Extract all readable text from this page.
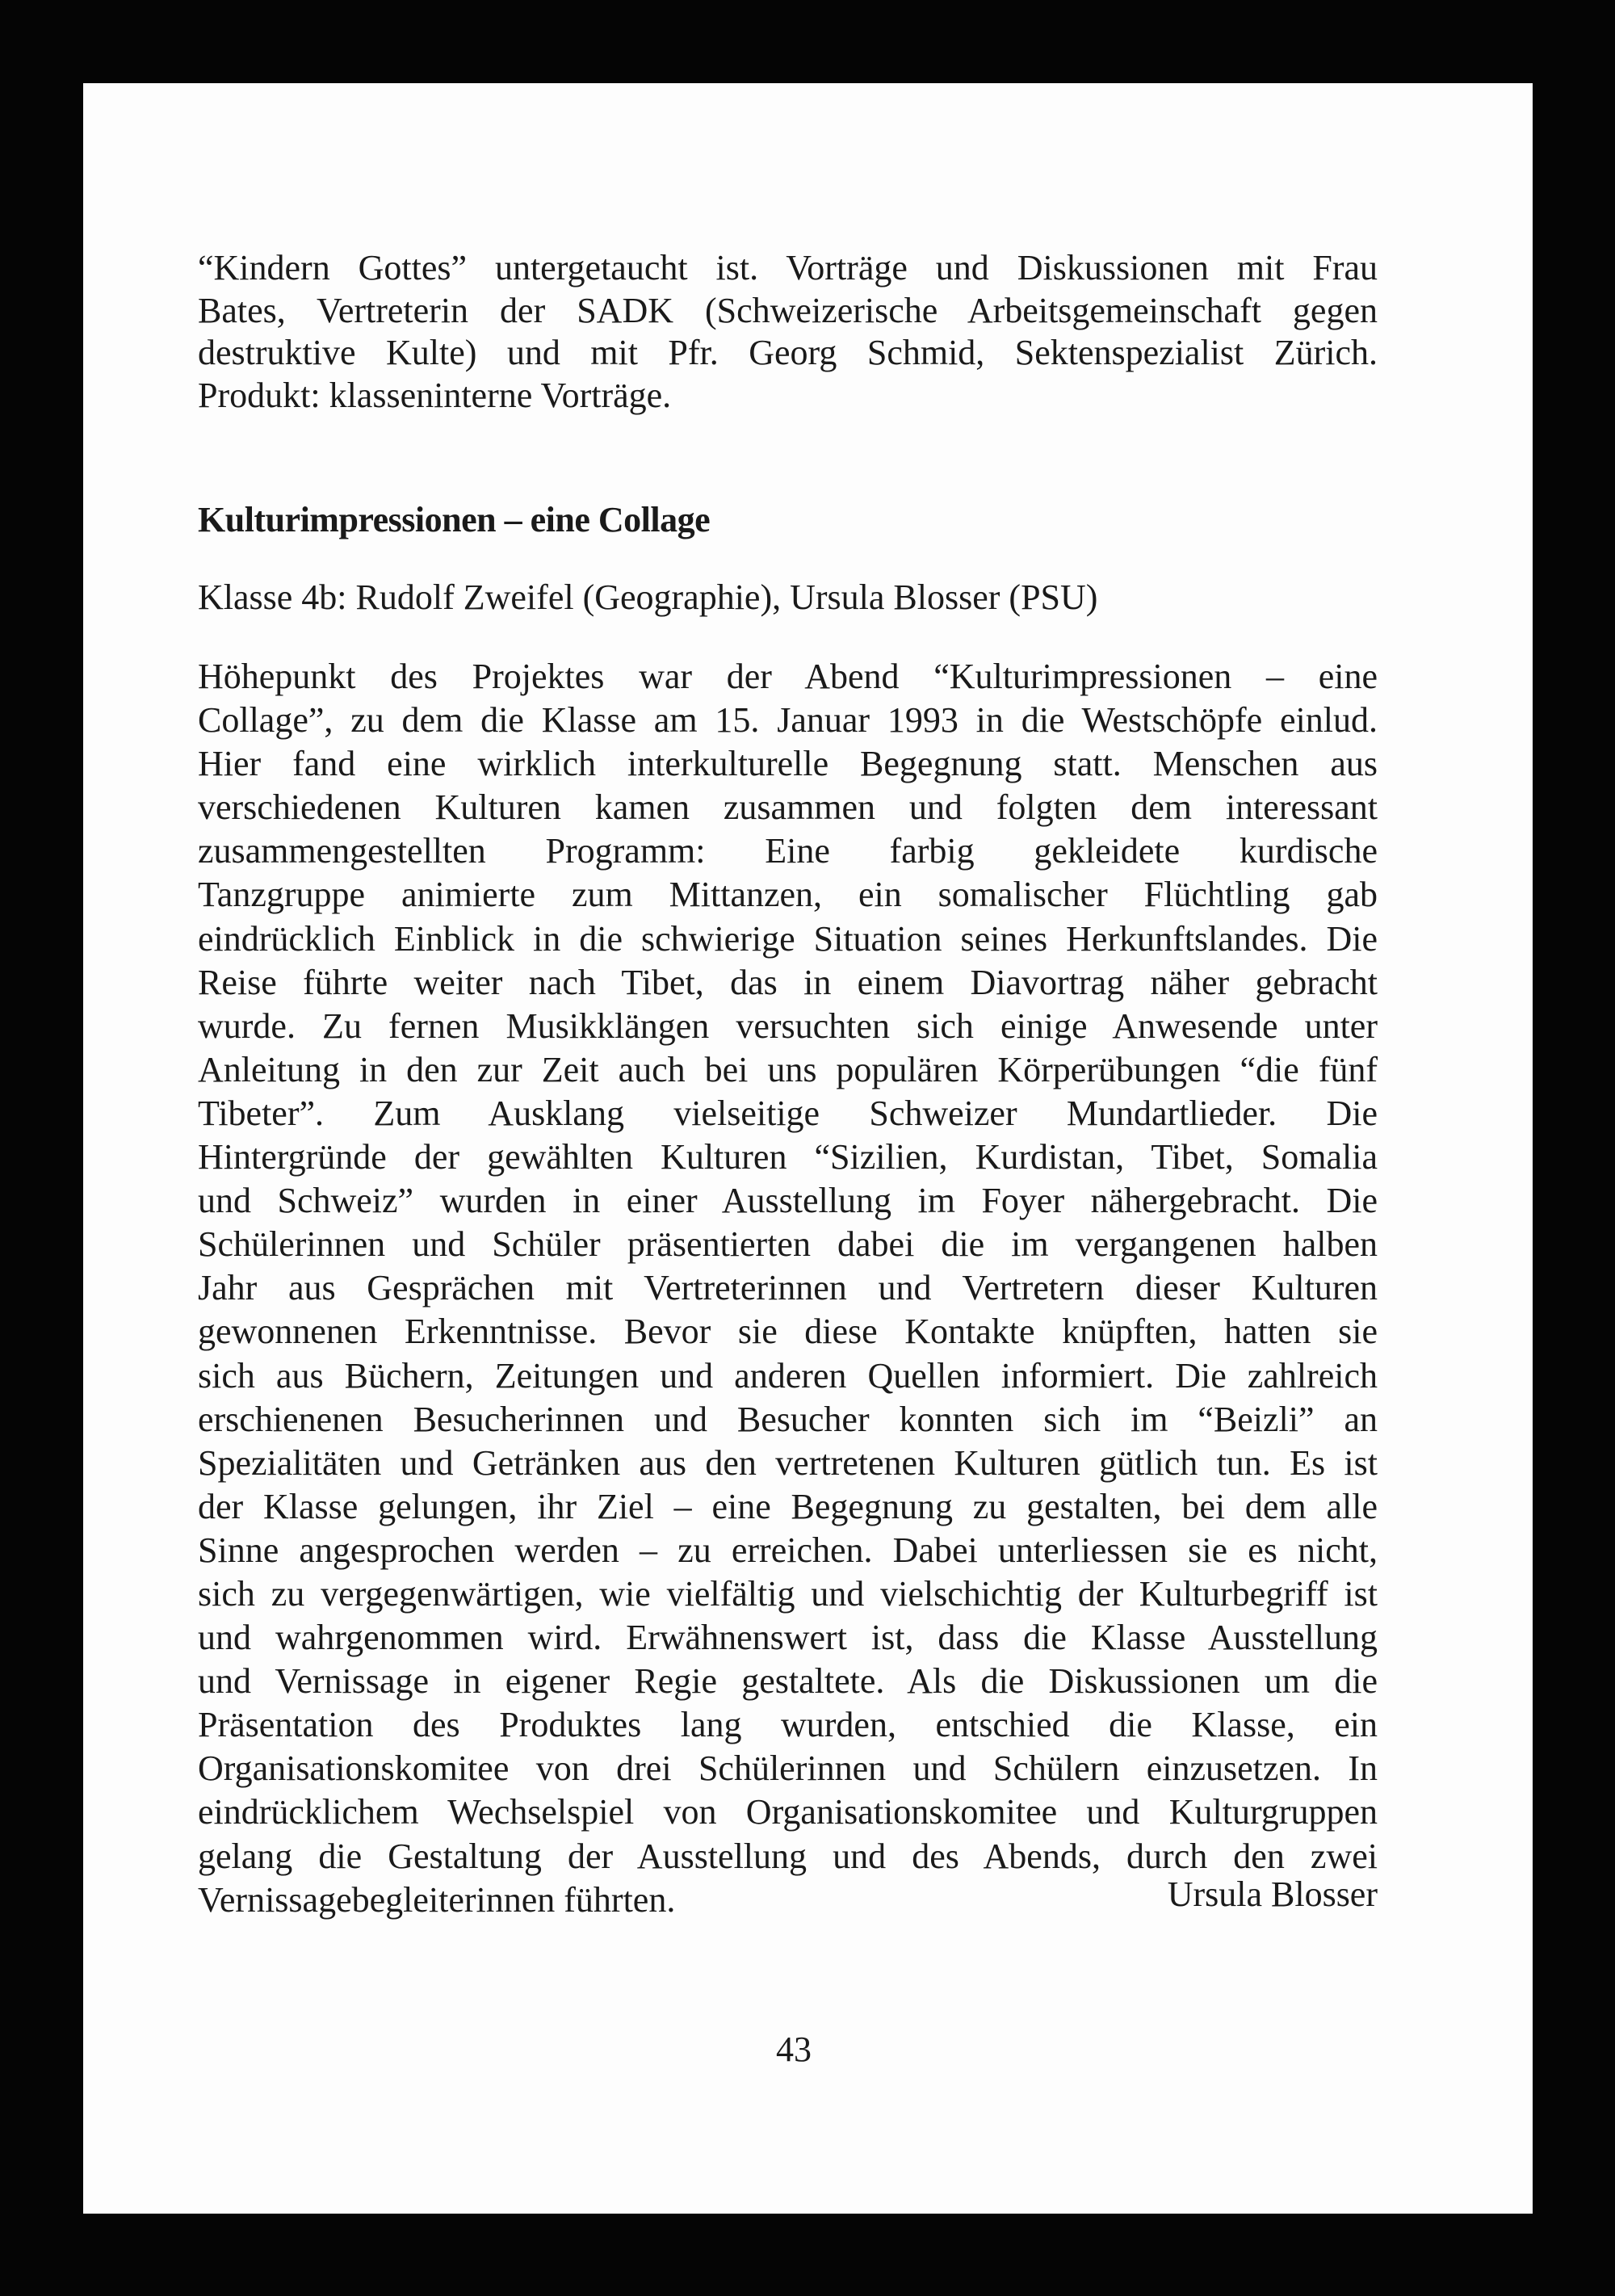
“Kindern Gottes” untergetaucht ist. Vorträge und Diskussionen mit Frau
Bates, Vertreterin der SADK (Schweizerische Arbeitsgemeinschaft gegen
destruktive Kulte) und mit Pfr. Georg Schmid, Sektenspezialist Zürich.
Produkt: klasseninterne Vorträge.
Kulturimpressionen – eine Collage
Klasse 4b: Rudolf Zweifel (Geographie), Ursula Blosser (PSU)
Höhepunkt des Projektes war der Abend “Kulturimpressionen – eine
Collage”, zu dem die Klasse am 15. Januar 1993 in die Westschöpfe einlud.
Hier fand eine wirklich interkulturelle Begegnung statt. Menschen aus
verschiedenen Kulturen kamen zusammen und folgten dem interessant
zusammengestellten Programm: Eine farbig gekleidete kurdische
Tanzgruppe animierte zum Mittanzen, ein somalischer Flüchtling gab
eindrücklich Einblick in die schwierige Situation seines Herkunftslandes. Die
Reise führte weiter nach Tibet, das in einem Diavortrag näher gebracht
wurde. Zu fernen Musikklängen versuchten sich einige Anwesende unter
Anleitung in den zur Zeit auch bei uns populären Körperübungen “die fünf
Tibeter”. Zum Ausklang vielseitige Schweizer Mundartlieder. Die
Hintergründe der gewählten Kulturen “Sizilien, Kurdistan, Tibet, Somalia
und Schweiz” wurden in einer Ausstellung im Foyer nähergebracht. Die
Schülerinnen und Schüler präsentierten dabei die im vergangenen halben
Jahr aus Gesprächen mit Vertreterinnen und Vertretern dieser Kulturen
gewonnenen Erkenntnisse. Bevor sie diese Kontakte knüpften, hatten sie
sich aus Büchern, Zeitungen und anderen Quellen informiert. Die zahlreich
erschienenen Besucherinnen und Besucher konnten sich im “Beizli” an
Spezialitäten und Getränken aus den vertretenen Kulturen gütlich tun. Es ist
der Klasse gelungen, ihr Ziel – eine Begegnung zu gestalten, bei dem alle
Sinne angesprochen werden – zu erreichen. Dabei unterliessen sie es nicht,
sich zu vergegenwärtigen, wie vielfältig und vielschichtig der Kulturbegriff ist
und wahrgenommen wird. Erwähnenswert ist, dass die Klasse Ausstellung
und Vernissage in eigener Regie gestaltete. Als die Diskussionen um die
Präsentation des Produktes lang wurden, entschied die Klasse, ein
Organisationskomitee von drei Schülerinnen und Schülern einzusetzen. In
eindrücklichem Wechselspiel von Organisationskomitee und Kulturgruppen
gelang die Gestaltung der Ausstellung und des Abends, durch den zwei
Vernissagebegleiterinnen führten.	Ursula Blosser
43
